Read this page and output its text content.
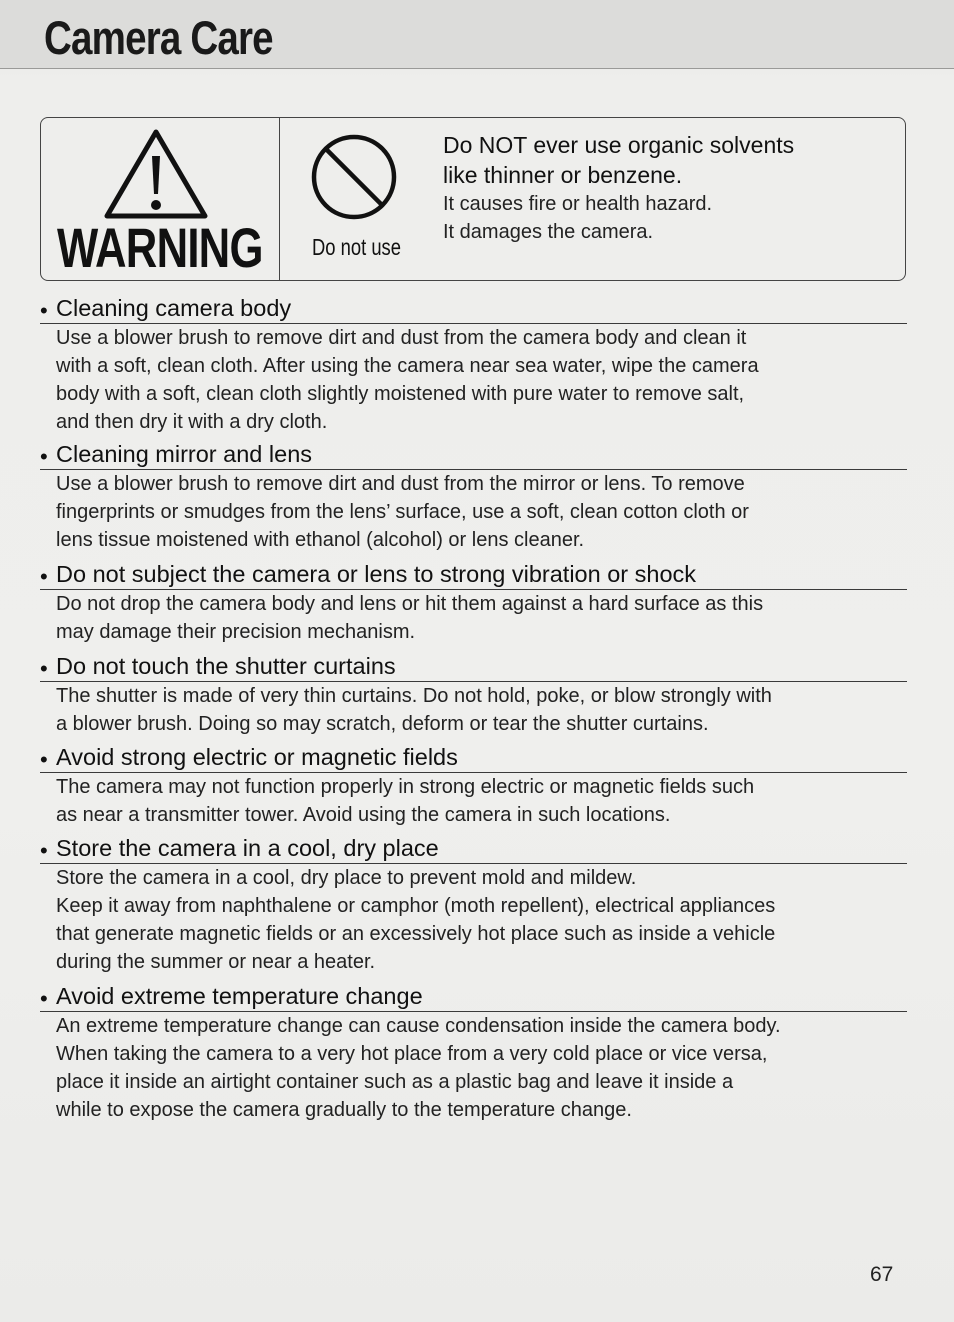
Camera Care
WARNING Do not use

Do NOT ever use organic solvents

like thinner or benzene.

It causes fire or health hazard.

It damages the camera.

• Cleaning camera body

Use a blower brush to remove dirt and dust from the camera body and clean it

with a soft, clean cloth. After using the camera near sea water, wipe the camera

body with a soft, clean cloth slightly moistened with pure water to remove salt,

and then dry it with a dry cloth.

• Cleaning mirror and lens

Use a blower brush to remove dirt and dust from the mirror or lens. To remove

fingerprints or smudges from the lens’ surface, use a soft, clean cotton cloth or

lens tissue moistened with ethanol (alcohol) or lens cleaner.

• Do not subject the camera or lens to strong vibration or shock

Do not drop the camera body and lens or hit them against a hard surface as this

may damage their precision mechanism.

• Do not touch the shutter curtains

The shutter is made of very thin curtains. Do not hold, poke, or blow strongly with

a blower brush. Doing so may scratch, deform or tear the shutter curtains.

• Avoid strong electric or magnetic fields

The camera may not function properly in strong electric or magnetic fields such

as near a transmitter tower. Avoid using the camera in such locations.

• Store the camera in a cool, dry place

Store the camera in a cool, dry place to prevent mold and mildew.

Keep it away from naphthalene or camphor (moth repellent), electrical appliances

that generate magnetic fields or an excessively hot place such as inside a vehicle

during the summer or near a heater.

• Avoid extreme temperature change

An extreme temperature change can cause condensation inside the camera body.

When taking the camera to a very hot place from a very cold place or vice versa,

place it inside an airtight container such as a plastic bag and leave it inside a

while to expose the camera gradually to the temperature change.

67
